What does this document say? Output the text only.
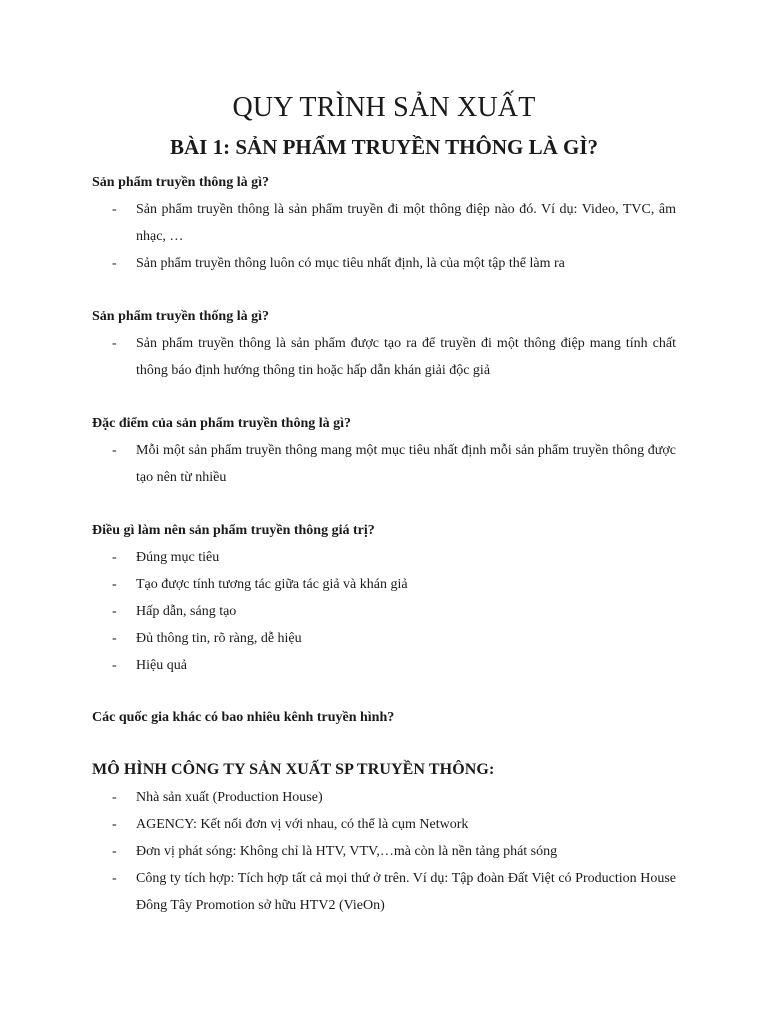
QUY TRÌNH SẢN XUẤT
BÀI 1: SẢN PHẨM TRUYỀN THÔNG LÀ GÌ?

Sản phẩm truyền thông là gì?

- Sản phẩm truyền thông là sản phẩm truyền đi một thông điệp nào đó. Ví dụ: Video, TVC, âm nhạc, …
- Sản phẩm truyền thông luôn có mục tiêu nhất định, là của một tập thể làm ra

Sản phẩm truyền thống là gì?

- Sản phẩm truyền thông là sản phẩm được tạo ra để truyền đi một thông điệp mang tính chất thông báo định hướng thông tin hoặc hấp dẫn khán giải độc giả

Đặc điểm của sản phẩm truyền thông là gì?

- Mỗi một sản phẩm truyền thông mang một mục tiêu nhất định mỗi sản phẩm truyền thông được tạo nên từ nhiều

Điều gì làm nên sản phẩm truyền thông giá trị?

- Đúng mục tiêu
- Tạo được tính tương tác giữa tác giả và khán giả
- Hấp dẫn, sáng tạo
- Đủ thông tin, rõ ràng, dễ hiệu
- Hiệu quả

Các quốc gia khác có bao nhiêu kênh truyền hình?

MÔ HÌNH CÔNG TY SẢN XUẤT SP TRUYỀN THÔNG:

- Nhà sản xuất (Production House)
- AGENCY: Kết nối đơn vị với nhau, có thể là cụm Network
- Đơn vị phát sóng: Không chỉ là HTV, VTV,…mà còn là nền tảng phát sóng
- Công ty tích hợp: Tích hợp tất cả mọi thứ ở trên. Ví dụ: Tập đoàn Đất Việt có Production House Đông Tây Promotion sở hữu HTV2 (VieOn)
